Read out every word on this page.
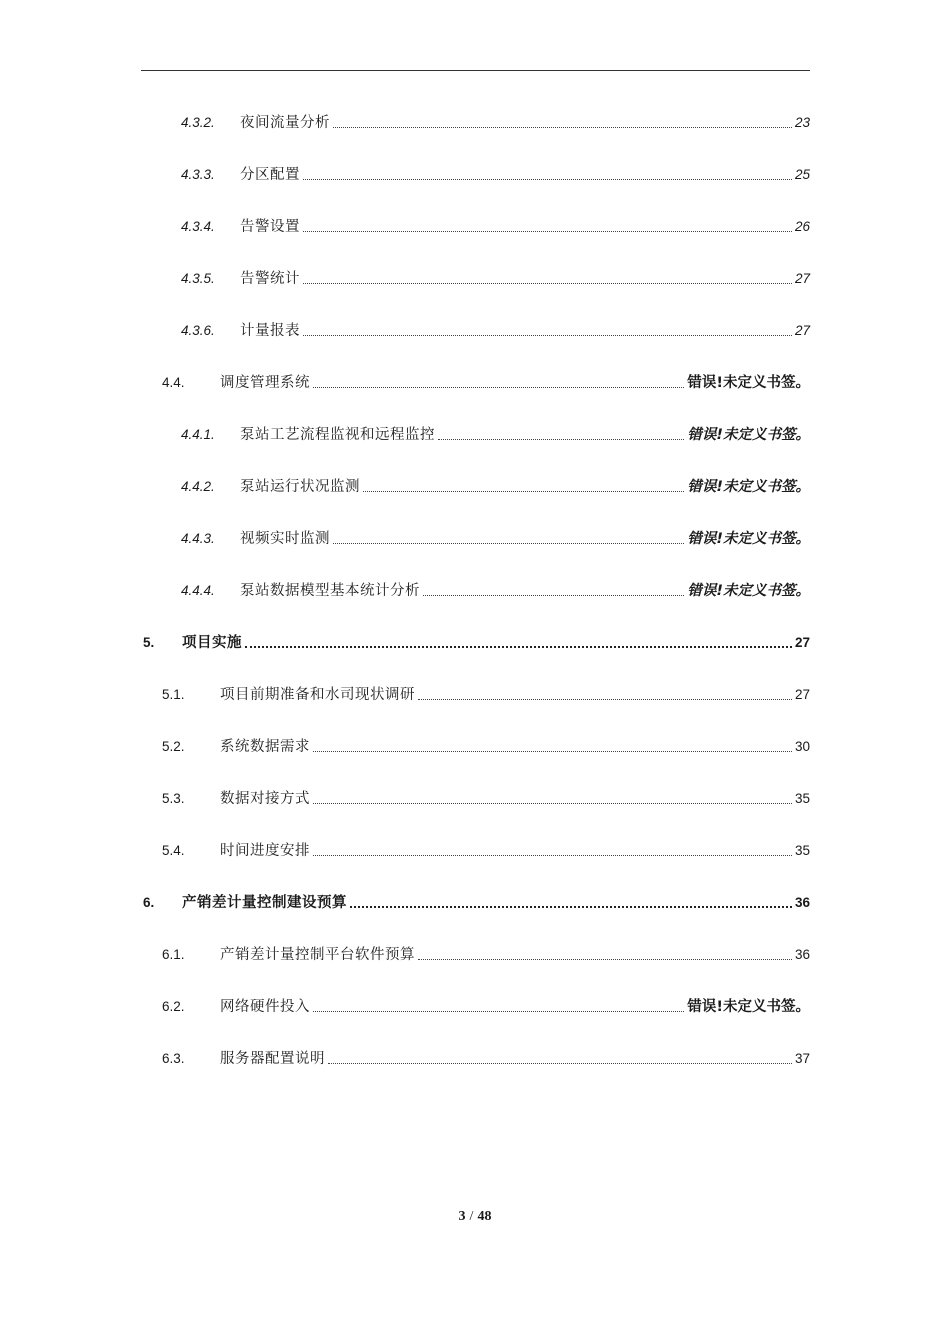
4.3.2.	夜间流量分析	23
4.3.3.	分区配置	25
4.3.4.	告警设置	26
4.3.5.	告警统计	27
4.3.6.	计量报表	27
4.4.	调度管理系统	错误!未定义书签。
4.4.1.	泵站工艺流程监视和远程监控	错误!未定义书签。
4.4.2.	泵站运行状况监测	错误!未定义书签。
4.4.3.	视频实时监测	错误!未定义书签。
4.4.4.	泵站数据模型基本统计分析	错误!未定义书签。
5.	项目实施	27
5.1.	项目前期准备和水司现状调研	27
5.2.	系统数据需求	30
5.3.	数据对接方式	35
5.4.	时间进度安排	35
6.	产销差计量控制建设预算	36
6.1.	产销差计量控制平台软件预算	36
6.2.	网络硬件投入	错误!未定义书签。
6.3.	服务器配置说明	37
3 / 48
